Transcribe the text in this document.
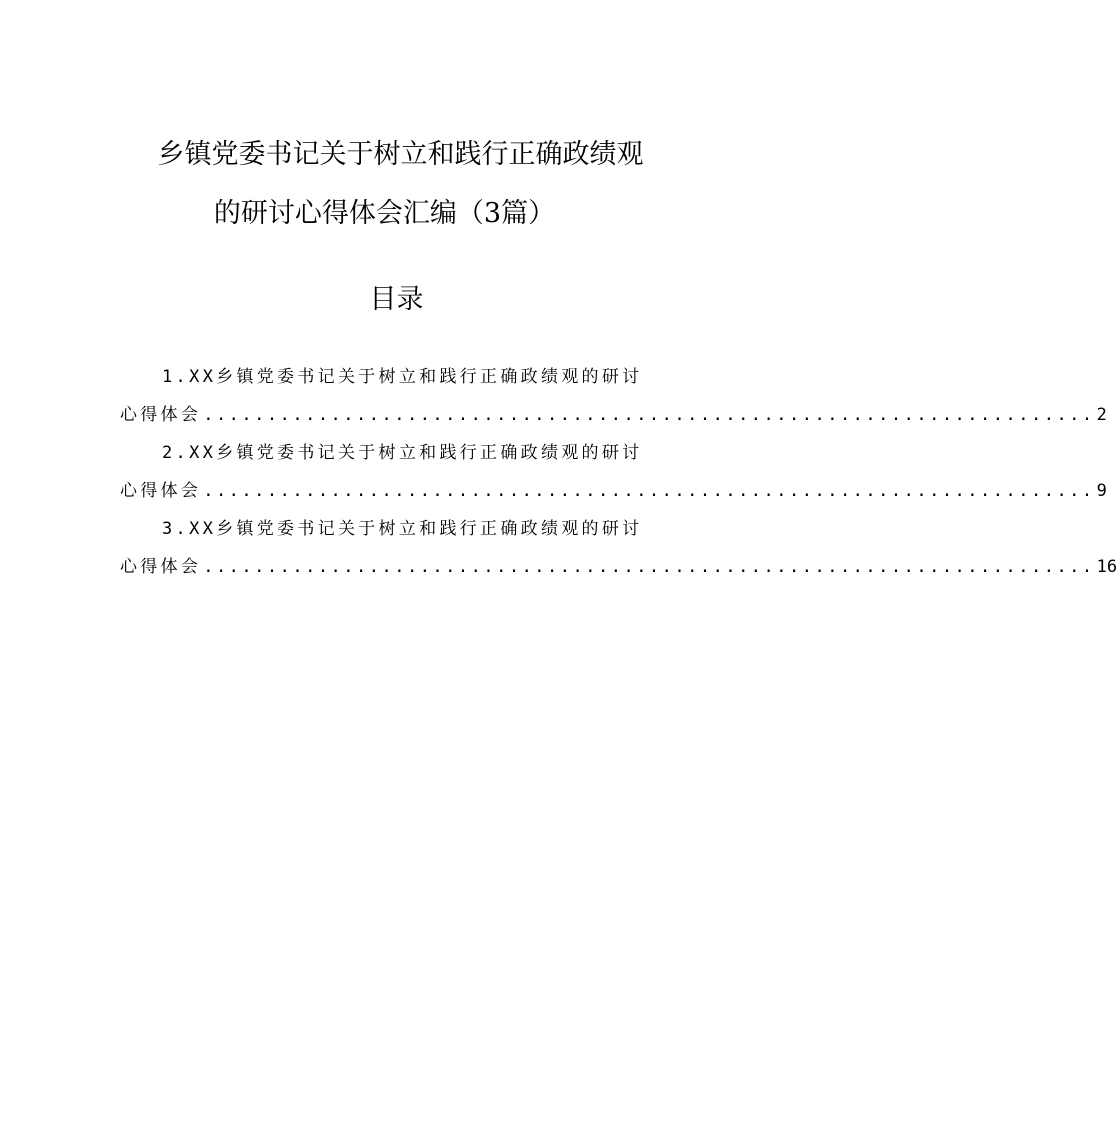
乡镇党委书记关于树立和践行正确政绩观
的研讨心得体会汇编（3篇）
目录
1.XX乡镇党委书记关于树立和践行正确政绩观的研讨
心得体会 ...................................................................... 2
2.XX乡镇党委书记关于树立和践行正确政绩观的研讨
心得体会 ...................................................................... 9
3.XX乡镇党委书记关于树立和践行正确政绩观的研讨
心得体会 ...................................................................... 16
